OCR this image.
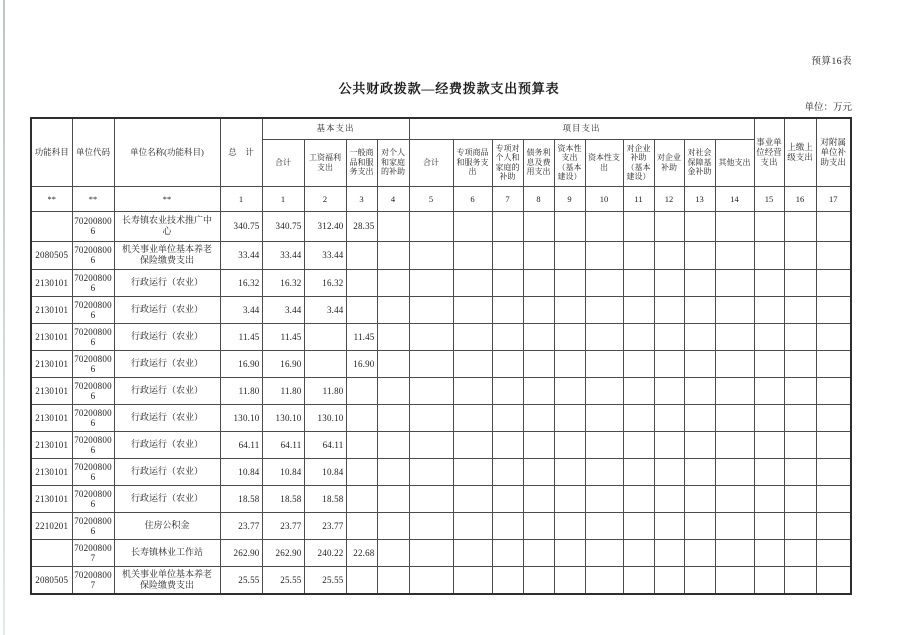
预算16表
公共财政拨款—经费拨款支出预算表
单位：万元
功能科目	单位代码	单位名称(功能科目)	总　计	基本支出				项目支出										事业单位经营支出	上缴上级支出	对附属单位补助支出
				合计	工资福利支出	一般商品和服务支出	对个人和家庭的补助	合计	专项商品和服务支出	专项对个人和家庭的补助	债务利息及费用支出	资本性支出（基本建设）	资本性支出	对企业补助（基本建设）	对企业补助	对社会保障基金补助	其他支出			
**	**	**	1	1	2	3	4	5	6	7	8	9	10	11	12	13	14	15	16	17
	702008006	长寿镇农业技术推广中心	340.75	340.75	312.40	28.35														
2080505	702008006	机关事业单位基本养老保险缴费支出	33.44	33.44	33.44															
2130101	702008006	行政运行（农业）	16.32	16.32	16.32															
2130101	702008006	行政运行（农业）	3.44	3.44	3.44															
2130101	702008006	行政运行（农业）	11.45	11.45		11.45														
2130101	702008006	行政运行（农业）	16.90	16.90		16.90														
2130101	702008006	行政运行（农业）	11.80	11.80	11.80															
2130101	702008006	行政运行（农业）	130.10	130.10	130.10															
2130101	702008006	行政运行（农业）	64.11	64.11	64.11															
2130101	702008006	行政运行（农业）	10.84	10.84	10.84															
2130101	702008006	行政运行（农业）	18.58	18.58	18.58															
2210201	702008006	住房公积金	23.77	23.77	23.77															
	702008007	长寿镇林业工作站	262.90	262.90	240.22	22.68														
2080505	702008007	机关事业单位基本养老保险缴费支出	25.55	25.55	25.55															
